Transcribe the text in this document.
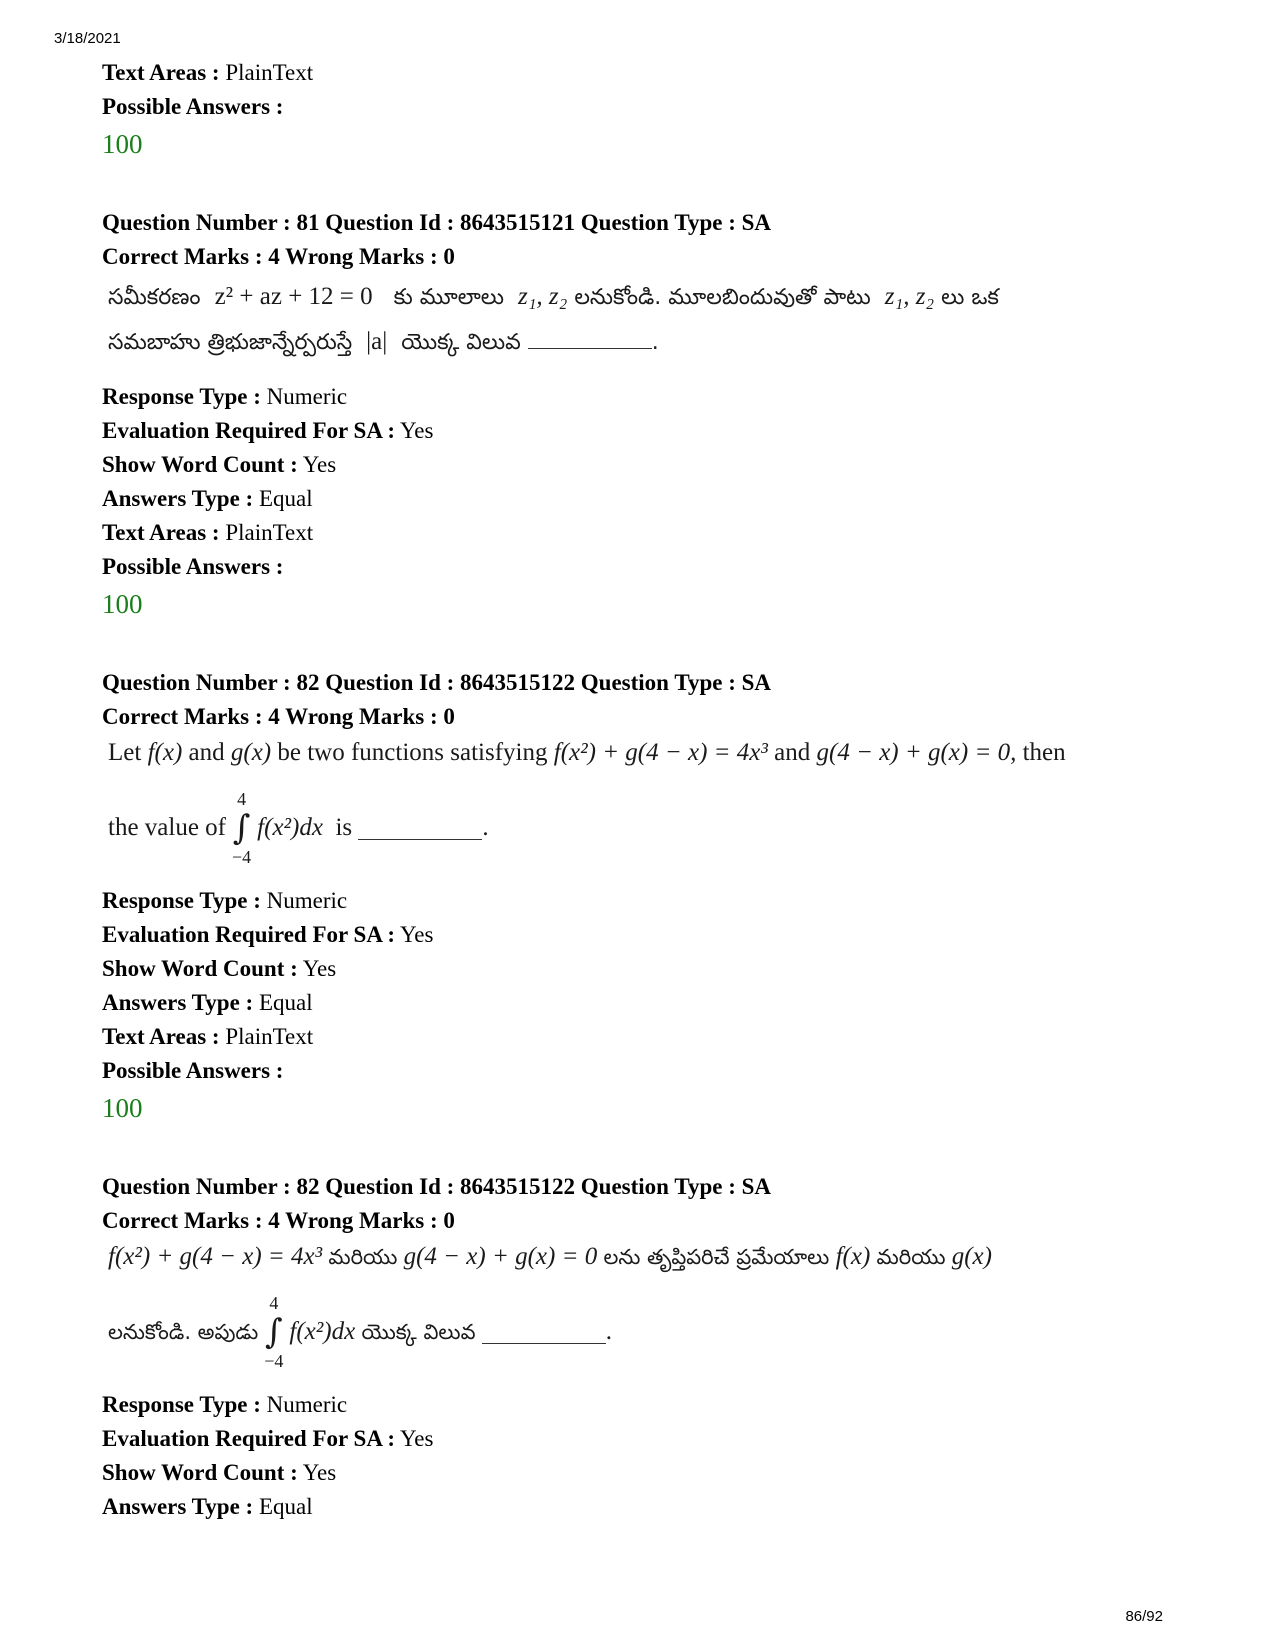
3/18/2021
Text Areas : PlainText
Possible Answers :
100
Question Number : 81 Question Id : 8643515121 Question Type : SA
Correct Marks : 4 Wrong Marks : 0
సమీకరణం z² + az + 12 = 0 కు మూలాలు z₁, z₂ లనుకోండి. మూలబిందువుతో పాటు z₁, z₂ లు ఒక
సమబాహు త్రిభుజాన్నేర్పరుస్తే |a| యొక్క విలువ	.
Response Type : Numeric
Evaluation Required For SA : Yes
Show Word Count : Yes
Answers Type : Equal
Text Areas : PlainText
Possible Answers :
100
Question Number : 82 Question Id : 8643515122 Question Type : SA
Correct Marks : 4 Wrong Marks : 0
Let f(x) and g(x) be two functions satisfying f(x²) + g(4 − x) = 4x³ and g(4 − x) + g(x) = 0, then
the value of
4
∫
−4
f(x²)dx
is
	.
Response Type : Numeric
Evaluation Required For SA : Yes
Show Word Count : Yes
Answers Type : Equal
Text Areas : PlainText
Possible Answers :
100
Question Number : 82 Question Id : 8643515122 Question Type : SA
Correct Marks : 4 Wrong Marks : 0
f(x²) + g(4 − x) = 4x³ మరియు g(4 − x) + g(x) = 0 లను తృప్తిపరిచే ప్రమేయాలు f(x) మరియు g(x)
లనుకోండి. అపుడు
4
∫
−4
f(x²)dx
యొక్క విలువ
	.
Response Type : Numeric
Evaluation Required For SA : Yes
Show Word Count : Yes
Answers Type : Equal
86/92
